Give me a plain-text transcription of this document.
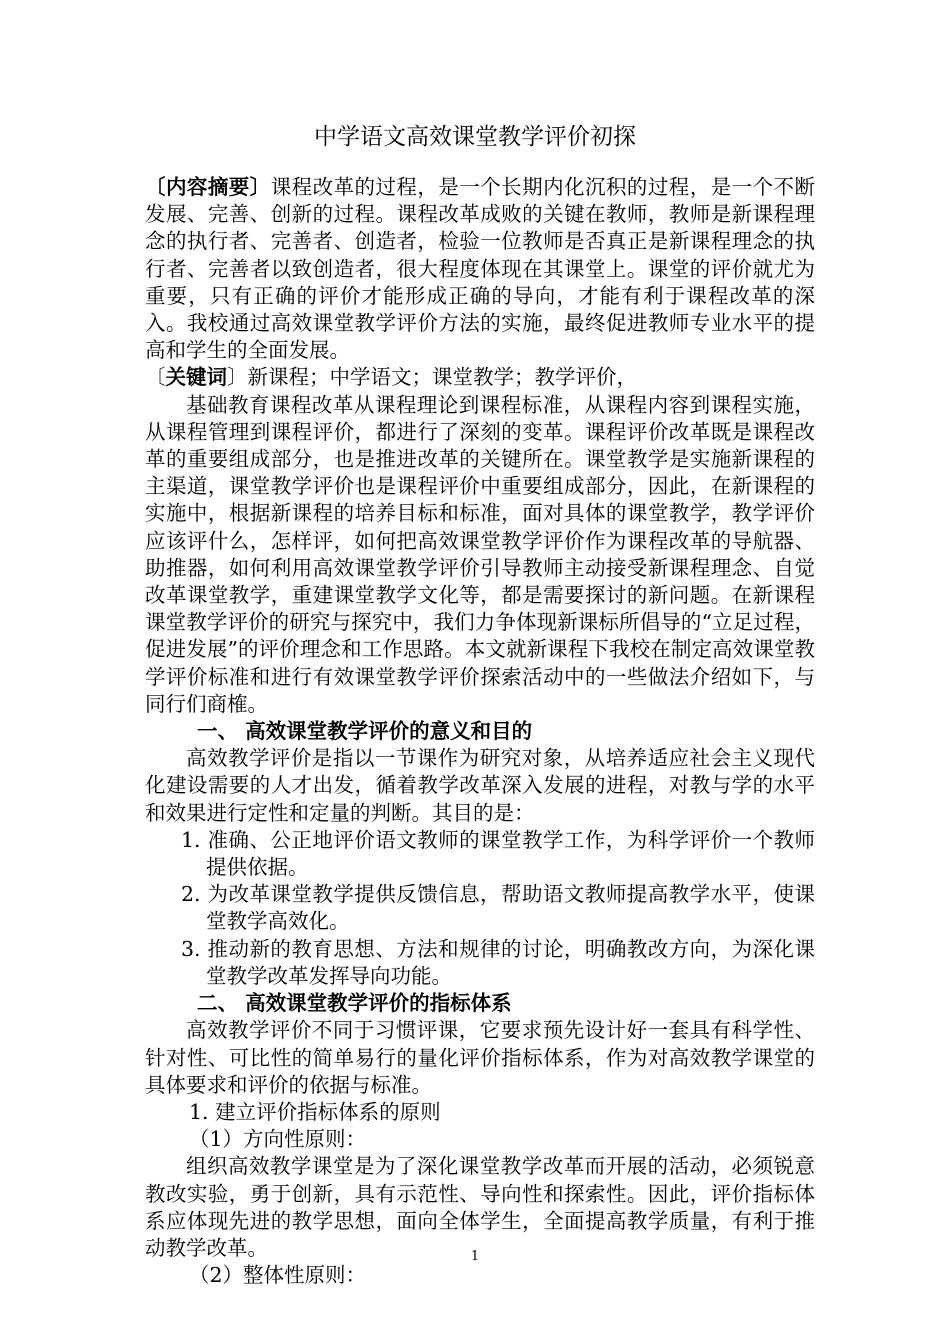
中学语文高效课堂教学评价初探

〔内容摘要〕课程改革的过程，是一个长期内化沉积的过程，是一个不断发展、完善、创新的过程。课程改革成败的关键在教师，教师是新课程理念的执行者、完善者、创造者，检验一位教师是否真正是新课程理念的执行者、完善者以致创造者，很大程度体现在其课堂上。课堂的评价就尤为重要，只有正确的评价才能形成正确的导向，才能有利于课程改革的深入。我校通过高效课堂教学评价方法的实施，最终促进教师专业水平的提高和学生的全面发展。

〔关键词〕新课程；中学语文；课堂教学；教学评价，

基础教育课程改革从课程理论到课程标准，从课程内容到课程实施，从课程管理到课程评价，都进行了深刻的变革。课程评价改革既是课程改革的重要组成部分，也是推进改革的关键所在。课堂教学是实施新课程的主渠道，课堂教学评价也是课程评价中重要组成部分，因此，在新课程的实施中，根据新课程的培养目标和标准，面对具体的课堂教学，教学评价应该评什么，怎样评，如何把高效课堂教学评价作为课程改革的导航器、助推器，如何利用高效课堂教学评价引导教师主动接受新课程理念、自觉改革课堂教学，重建课堂教学文化等，都是需要探讨的新问题。在新课程课堂教学评价的研究与探究中，我们力争体现新课标所倡导的“立足过程，促进发展”的评价理念和工作思路。本文就新课程下我校在制定高效课堂教学评价标准和进行有效课堂教学评价探索活动中的一些做法介绍如下，与同行们商榷。

一、 高效课堂教学评价的意义和目的

高效教学评价是指以一节课作为研究对象，从培养适应社会主义现代化建设需要的人才出发，循着教学改革深入发展的进程，对教与学的水平和效果进行定性和定量的判断。其目的是：

1. 准确、公正地评价语文教师的课堂教学工作，为科学评价一个教师提供依据。

2. 为改革课堂教学提供反馈信息，帮助语文教师提高教学水平，使课堂教学高效化。

3. 推动新的教育思想、方法和规律的讨论，明确教改方向，为深化课堂教学改革发挥导向功能。

二、 高效课堂教学评价的指标体系

高效教学评价不同于习惯评课，它要求预先设计好一套具有科学性、针对性、可比性的简单易行的量化评价指标体系，作为对高效教学课堂的具体要求和评价的依据与标准。

1. 建立评价指标体系的原则

（1）方向性原则：

组织高效教学课堂是为了深化课堂教学改革而开展的活动，必须锐意教改实验，勇于创新，具有示范性、导向性和探索性。因此，评价指标体系应体现先进的教学思想，面向全体学生，全面提高教学质量，有利于推动教学改革。

（2）整体性原则：

1
